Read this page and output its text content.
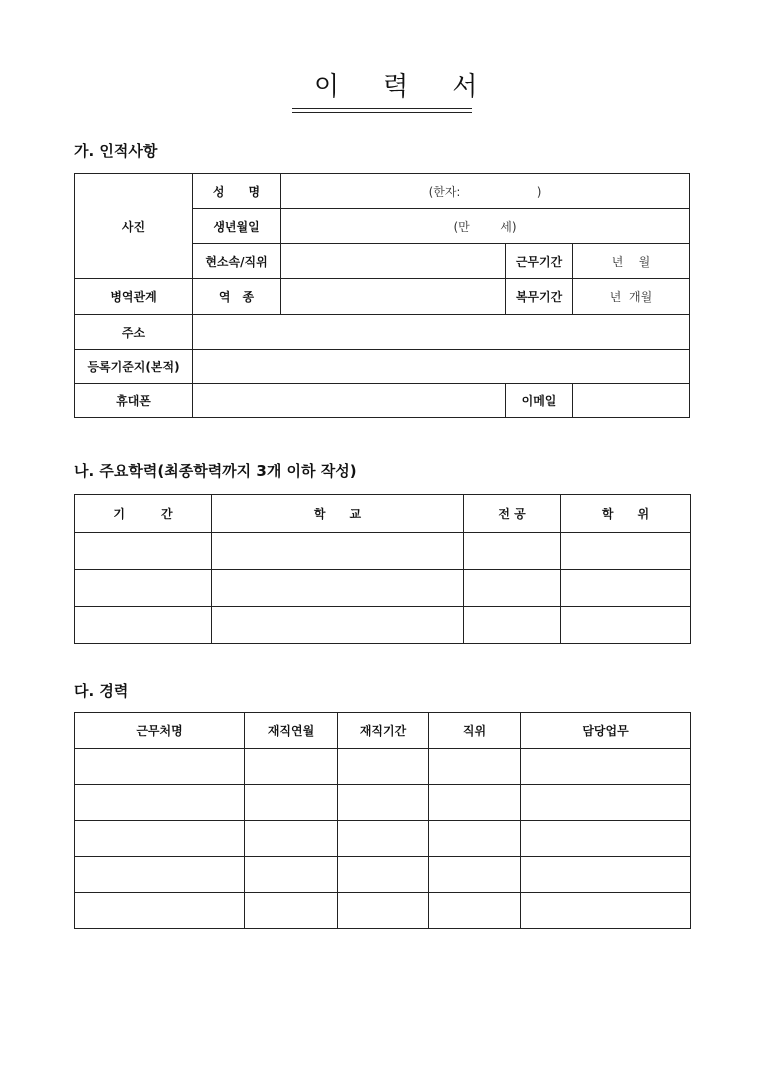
이 력 서
가. 인적사항
사진	성　　명	(한자:                    )		
	생년월일	(만        세)		
	현소속/직위		근무기간	년    월
병역관계	역　종		복무기간	년  개월
주소				
등록기준지(본적)				
휴대폰			이메일	
나. 주요학력(최종학력까지 3개 이하 작성)
기　　　간	학　　교	전 공	학　　위

다. 경력
근무처명	재직연월	재직기간	직위	담당업무
